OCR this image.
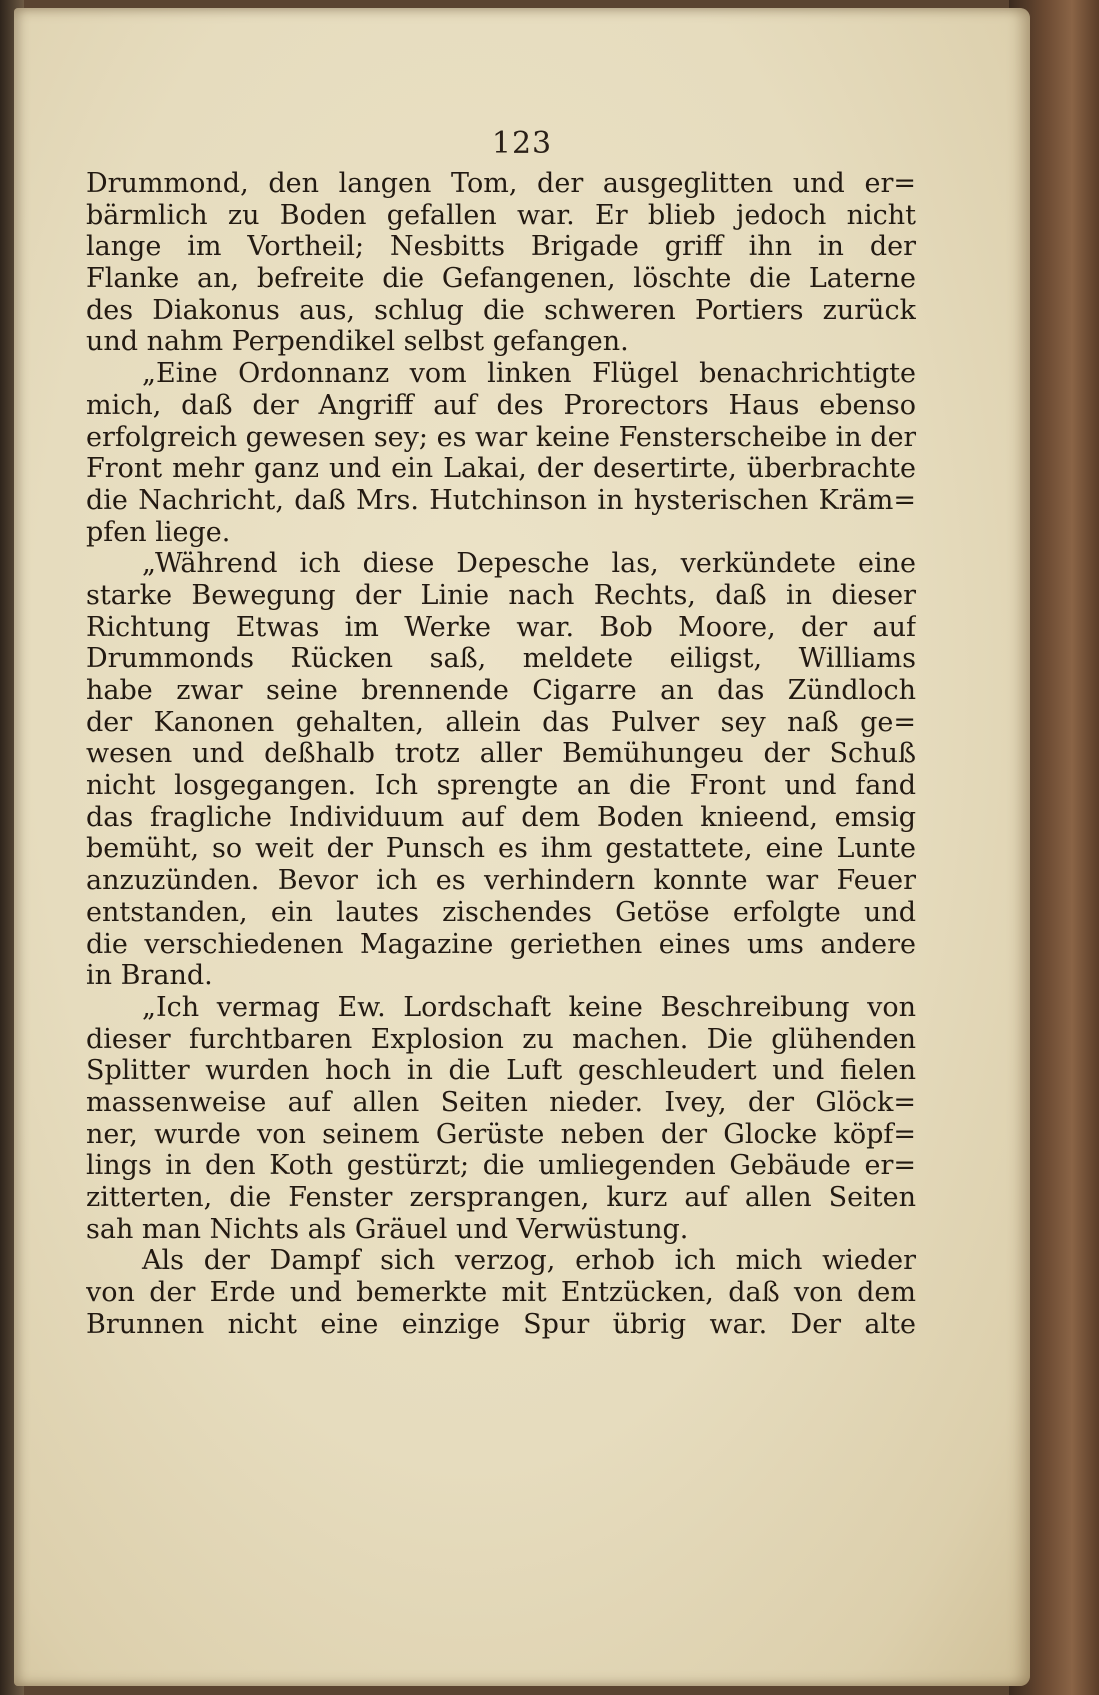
123
Drummond, den langen Tom, der ausgeglitten und er=
bärmlich zu Boden gefallen war. Er blieb jedoch nicht
lange im Vortheil; Nesbitts Brigade griff ihn in der
Flanke an, befreite die Gefangenen, löschte die Laterne
des Diakonus aus, schlug die schweren Portiers zurück
und nahm Perpendikel selbst gefangen.
„Eine Ordonnanz vom linken Flügel benachrichtigte
mich, daß der Angriff auf des Prorectors Haus ebenso
erfolgreich gewesen sey; es war keine Fensterscheibe in der
Front mehr ganz und ein Lakai, der desertirte, überbrachte
die Nachricht, daß Mrs. Hutchinson in hysterischen Kräm=
pfen liege.
„Während ich diese Depesche las, verkündete eine
starke Bewegung der Linie nach Rechts, daß in dieser
Richtung Etwas im Werke war. Bob Moore, der auf
Drummonds Rücken saß, meldete eiligst, Williams
habe zwar seine brennende Cigarre an das Zündloch
der Kanonen gehalten, allein das Pulver sey naß ge=
wesen und deßhalb trotz aller Bemühungeu der Schuß
nicht losgegangen. Ich sprengte an die Front und fand
das fragliche Individuum auf dem Boden knieend, emsig
bemüht, so weit der Punsch es ihm gestattete, eine Lunte
anzuzünden. Bevor ich es verhindern konnte war Feuer
entstanden, ein lautes zischendes Getöse erfolgte und
die verschiedenen Magazine geriethen eines ums andere
in Brand.
„Ich vermag Ew. Lordschaft keine Beschreibung von
dieser furchtbaren Explosion zu machen. Die glühenden
Splitter wurden hoch in die Luft geschleudert und fielen
massenweise auf allen Seiten nieder. Ivey, der Glöck=
ner, wurde von seinem Gerüste neben der Glocke köpf=
lings in den Koth gestürzt; die umliegenden Gebäude er=
zitterten, die Fenster zersprangen, kurz auf allen Seiten
sah man Nichts als Gräuel und Verwüstung.
Als der Dampf sich verzog, erhob ich mich wieder
von der Erde und bemerkte mit Entzücken, daß von dem
Brunnen nicht eine einzige Spur übrig war. Der alte
